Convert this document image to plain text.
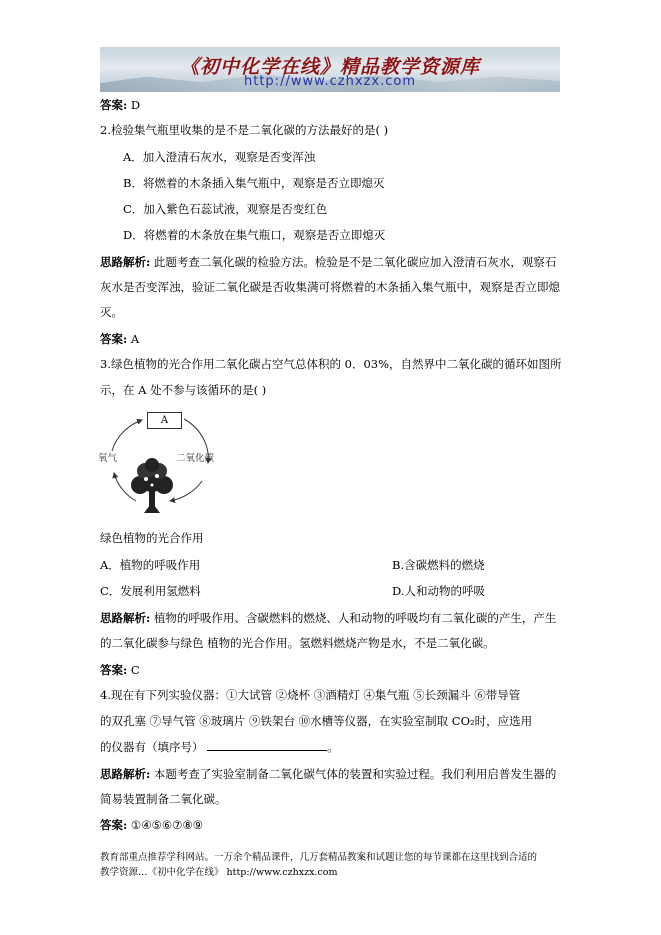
《初中化学在线》精品教学资源库
http://www.czhxzx.com
答案: D
2.检验集气瓶里收集的是不是二氧化碳的方法最好的是( )
A．加入澄清石灰水，观察是否变浑浊
B．将燃着的木条插入集气瓶中，观察是否立即熄灭
C．加入紫色石蕊试液，观察是否变红色
D．将燃着的木条放在集气瓶口，观察是否立即熄灭
思路解析: 此题考查二氧化碳的检验方法。检验是不是二氧化碳应加入澄清石灰水，观察石
灰水是否变浑浊，验证二氧化碳是否收集满可将燃着的木条插入集气瓶中，观察是否立即熄
灭。
答案: A
3.绿色植物的光合作用二氧化碳占空气总体积的 0．03%，自然界中二氧化碳的循环如图所
示，在 A 处不参与该循环的是( )
A
氧气	二氧化碳
绿色植物的光合作用
A．植物的呼吸作用	B.含碳燃料的燃烧
C．发展利用氢燃料	D.人和动物的呼吸
思路解析: 植物的呼吸作用、含碳燃料的燃烧、人和动物的呼吸均有二氧化碳的产生，产生
的二氧化碳参与绿色 植物的光合作用。氢燃料燃烧产物是水，不是二氧化碳。
答案: C
4.现在有下列实验仪器：①大试管 ②烧杯 ③酒精灯 ④集气瓶 ⑤长颈漏斗 ⑥带导管
的双孔塞 ⑦导气管 ⑧玻璃片 ⑨铁架台 ⑩水槽等仪器，在实验室制取 CO₂时，应选用
的仪器有（填序号）	。
思路解析: 本题考查了实验室制备二氧化碳气体的装置和实验过程。我们利用启普发生器的
简易装置制备二氧化碳。
答案: ①④⑤⑥⑦⑧⑨
教育部重点推荐学科网站。一万余个精品课件，几万套精品教案和试题让您的每节课都在这里找到合适的
教学资源…《初中化学在线》 http://www.czhxzx.com
